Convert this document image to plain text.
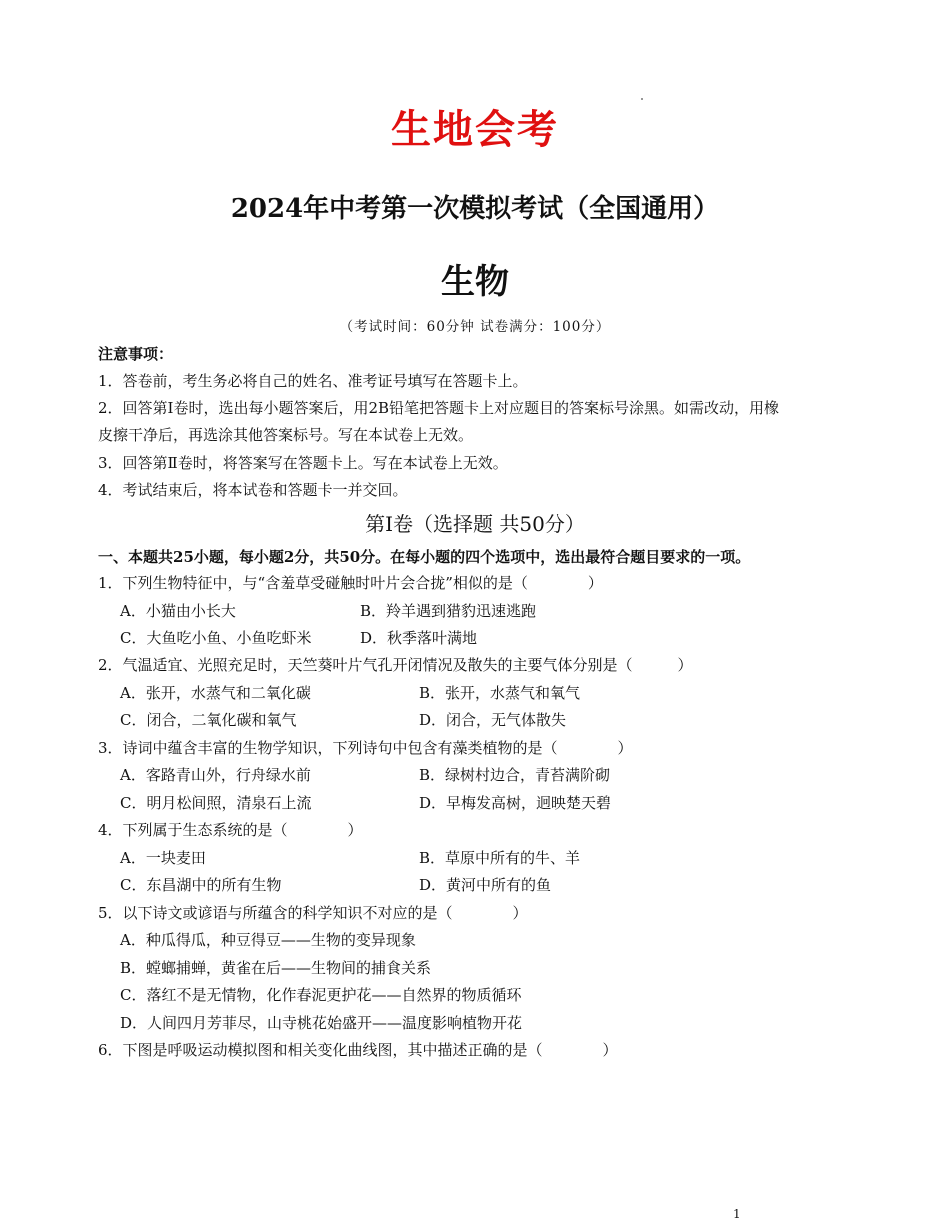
生地会考
2024年中考第一次模拟考试（全国通用）
生物
（考试时间：60分钟 试卷满分：100分）
注意事项：
1．答卷前，考生务必将自己的姓名、准考证号填写在答题卡上。
2．回答第Ⅰ卷时，选出每小题答案后，用2B铅笔把答题卡上对应题目的答案标号涂黑。如需改动，用橡
皮擦干净后，再选涂其他答案标号。写在本试卷上无效。
3．回答第Ⅱ卷时，将答案写在答题卡上。写在本试卷上无效。
4．考试结束后，将本试卷和答题卡一并交回。
第Ⅰ卷（选择题 共50分）
一、本题共25小题，每小题2分，共50分。在每小题的四个选项中，选出最符合题目要求的一项。
1．下列生物特征中，与“含羞草受碰触时叶片会合拢”相似的是（　　　　）
A．小猫由小长大	B．羚羊遇到猎豹迅速逃跑
C．大鱼吃小鱼、小鱼吃虾米	D．秋季落叶满地
2．气温适宜、光照充足时，天竺葵叶片气孔开闭情况及散失的主要气体分别是（　　　）
A．张开，水蒸气和二氧化碳	B．张开，水蒸气和氧气
C．闭合，二氧化碳和氧气	D．闭合，无气体散失
3．诗词中蕴含丰富的生物学知识，下列诗句中包含有藻类植物的是（　　　　）
A．客路青山外，行舟绿水前	B．绿树村边合，青苔满阶砌
C．明月松间照，清泉石上流	D．早梅发高树，迥映楚天碧
4．下列属于生态系统的是（　　　　）
A．一块麦田	B．草原中所有的牛、羊
C．东昌湖中的所有生物	D．黄河中所有的鱼
5．以下诗文或谚语与所蕴含的科学知识不对应的是（　　　　）
A．种瓜得瓜，种豆得豆——生物的变异现象
B．螳螂捕蝉，黄雀在后——生物间的捕食关系
C．落红不是无情物，化作春泥更护花——自然界的物质循环
D．人间四月芳菲尽，山寺桃花始盛开——温度影响植物开花
6．下图是呼吸运动模拟图和相关变化曲线图，其中描述正确的是（　　　　）
1
